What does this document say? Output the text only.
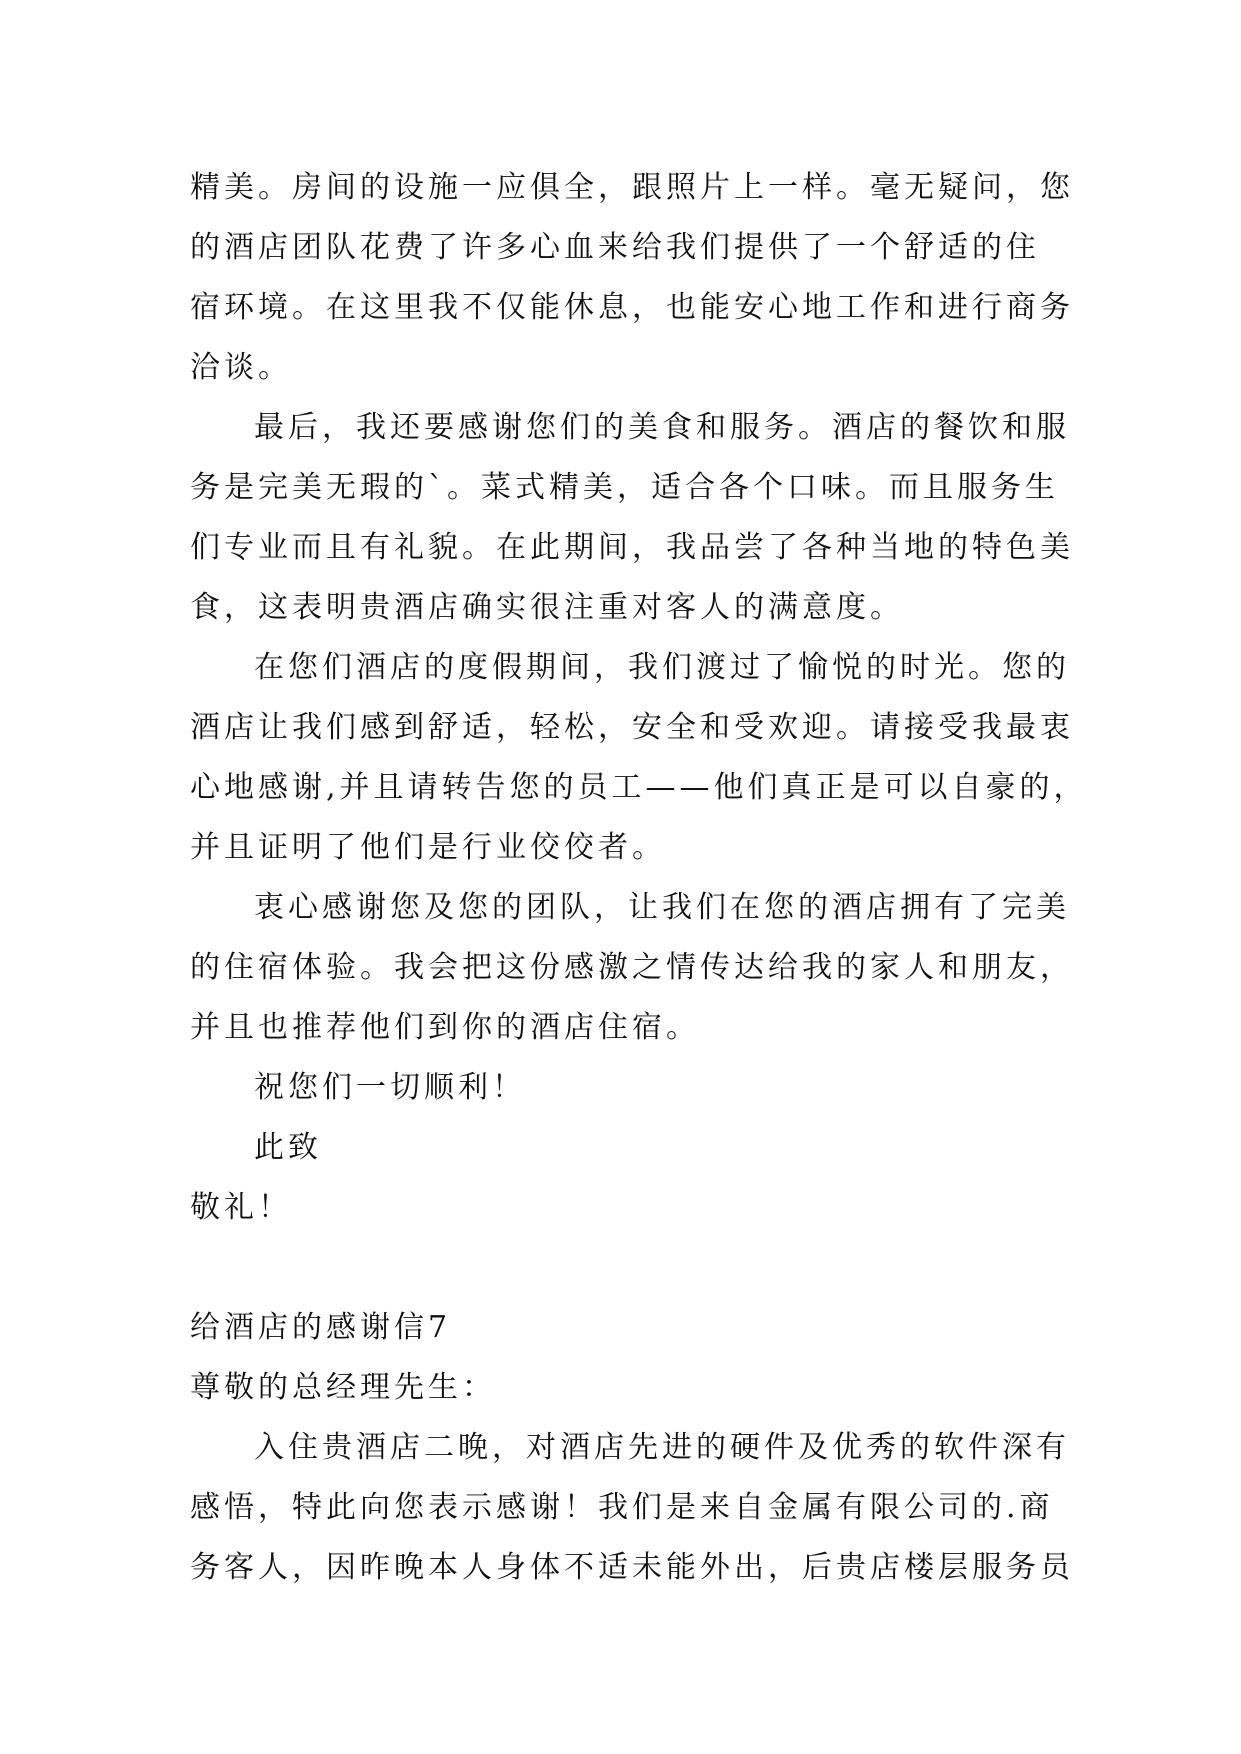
精美。房间的设施一应俱全，跟照片上一样。毫无疑问，您
的酒店团队花费了许多心血来给我们提供了一个舒适的住
宿环境。在这里我不仅能休息，也能安心地工作和进行商务
洽谈。
最后，我还要感谢您们的美食和服务。酒店的餐饮和服
务是完美无瑕的`。菜式精美，适合各个口味。而且服务生
们专业而且有礼貌。在此期间，我品尝了各种当地的特色美
食，这表明贵酒店确实很注重对客人的满意度。
在您们酒店的度假期间，我们渡过了愉悦的时光。您的
酒店让我们感到舒适，轻松，安全和受欢迎。请接受我最衷
心地感谢,并且请转告您的员工——他们真正是可以自豪的，
并且证明了他们是行业佼佼者。
衷心感谢您及您的团队，让我们在您的酒店拥有了完美
的住宿体验。我会把这份感激之情传达给我的家人和朋友，
并且也推荐他们到你的酒店住宿。
祝您们一切顺利！
此致
敬礼！
给酒店的感谢信7
尊敬的总经理先生：
入住贵酒店二晚，对酒店先进的硬件及优秀的软件深有
感悟，特此向您表示感谢！我们是来自金属有限公司的.商
务客人，因昨晚本人身体不适未能外出，后贵店楼层服务员
